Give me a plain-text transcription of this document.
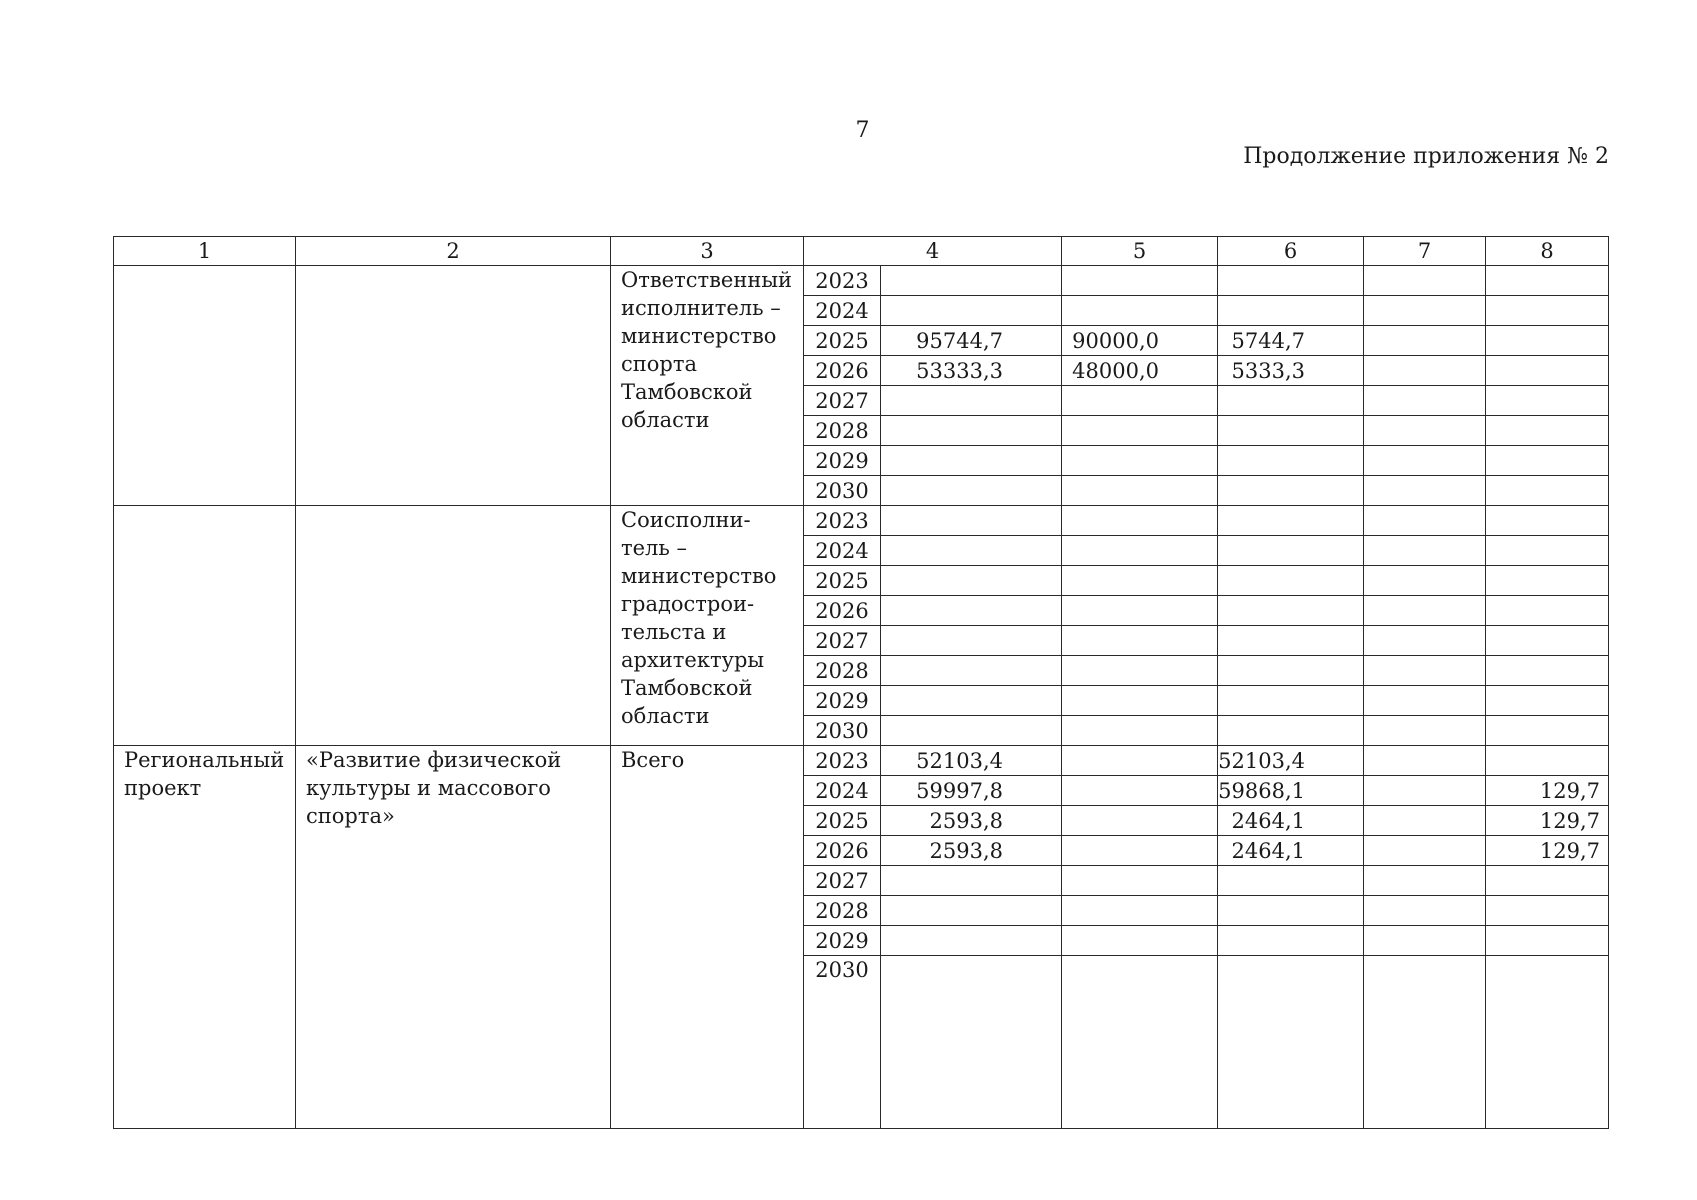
7
Продолжение приложения № 2
1	2	3	4		5	6	7	8
		Ответственный исполнитель – министерство спорта Тамбовской области	2023					
			2024					
			2025	95744,7	90000,0	5744,7		
			2026	53333,3	48000,0	5333,3		
			2027					
			2028					
			2029					
			2030					
		Соисполни-тель – министерство градострои-тельста и архитектуры Тамбовской области	2023					
			2024					
			2025					
			2026					
			2027					
			2028					
			2029					
			2030					
Региональный проект	«Развитие физической культуры и массового спорта»	Всего	2023	52103,4		52103,4		
			2024	59997,8		59868,1		129,7
			2025	2593,8		2464,1		129,7
			2026	2593,8		2464,1		129,7
			2027					
			2028					
			2029					
			2030					
